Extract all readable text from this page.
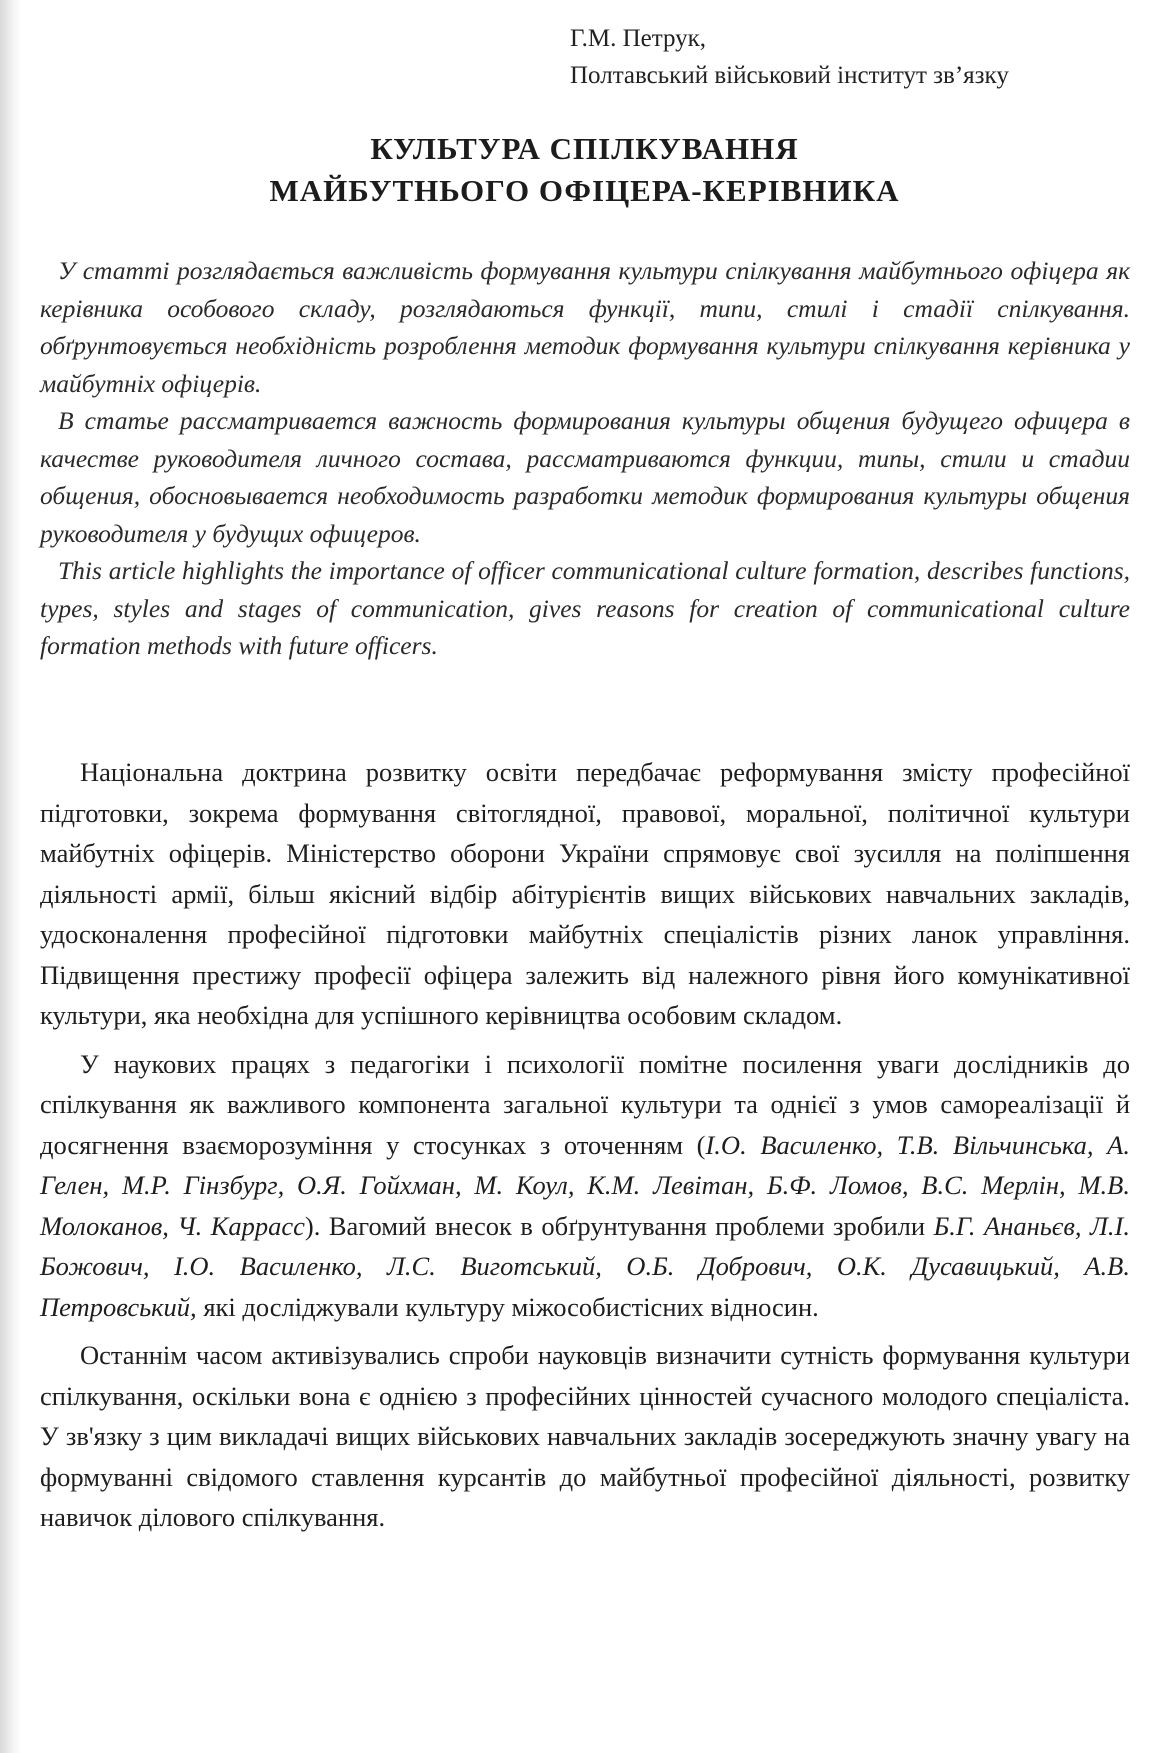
Г.М. Петрук,
Полтавський військовий інститут зв’язку
КУЛЬТУРА СПІЛКУВАННЯ
МАЙБУТНЬОГО ОФІЦЕРА-КЕРІВНИКА

У статті розглядається важливість формування культури спілкування майбутнього офіцера як керівника особового складу, розглядаються функції, типи, стилі і стадії спілкування. обґрунтовується необхідність розроблення методик формування культури спілкування керівника у майбутніх офіцерів.

В статье рассматривается важность формирования культуры общения будущего офицера в качестве руководителя личного состава, рассматриваются функции, типы, стили и стадии общения, обосновывается необходимость разработки методик формирования культуры общения руководителя у будущих офицеров.

This article highlights the importance of officer communicational culture formation, describes functions, types, styles and stages of communication, gives reasons for creation of communicational culture formation methods with future officers.

Національна доктрина розвитку освіти передбачає реформування змісту професійної підготовки, зокрема формування світоглядної, правової, моральної, політичної культури майбутніх офіцерів. Міністерство оборони України спрямовує свої зусилля на поліпшення діяльності армії, більш якісний відбір абітурієнтів вищих військових навчальних закладів, удосконалення професійної підготовки майбутніх спеціалістів різних ланок управління. Підвищення престижу професії офіцера залежить від належного рівня його комунікативної культури, яка необхідна для успішного керівництва особовим складом.

У наукових працях з педагогіки і психології помітне посилення уваги дослідників до спілкування як важливого компонента загальної культури та однієї з умов самореалізації й досягнення взаєморозуміння у стосунках з оточенням (І.О. Василенко, Т.В. Вільчинська, А. Гелен, М.Р. Гінзбург, О.Я. Гойхман, М. Коул, К.М. Левітан, Б.Ф. Ломов, В.С. Мерлін, М.В. Молоканов, Ч. Каррасс). Вагомий внесок в обґрунтування проблеми зробили Б.Г. Ананьєв, Л.І. Божович, І.О. Василенко, Л.С. Виготський, О.Б. Добрович, О.К. Дусавицький, А.В. Петровський, які досліджували культуру міжособистісних відносин.

Останнім часом активізувались спроби науковців визначити сутність формування культури спілкування, оскільки вона є однією з професійних цінностей сучасного молодого спеціаліста. У зв'язку з цим викладачі вищих військових навчальних закладів зосереджують значну увагу на формуванні свідомого ставлення курсантів до майбутньої професійної діяльності, розвитку навичок ділового спілкування.
